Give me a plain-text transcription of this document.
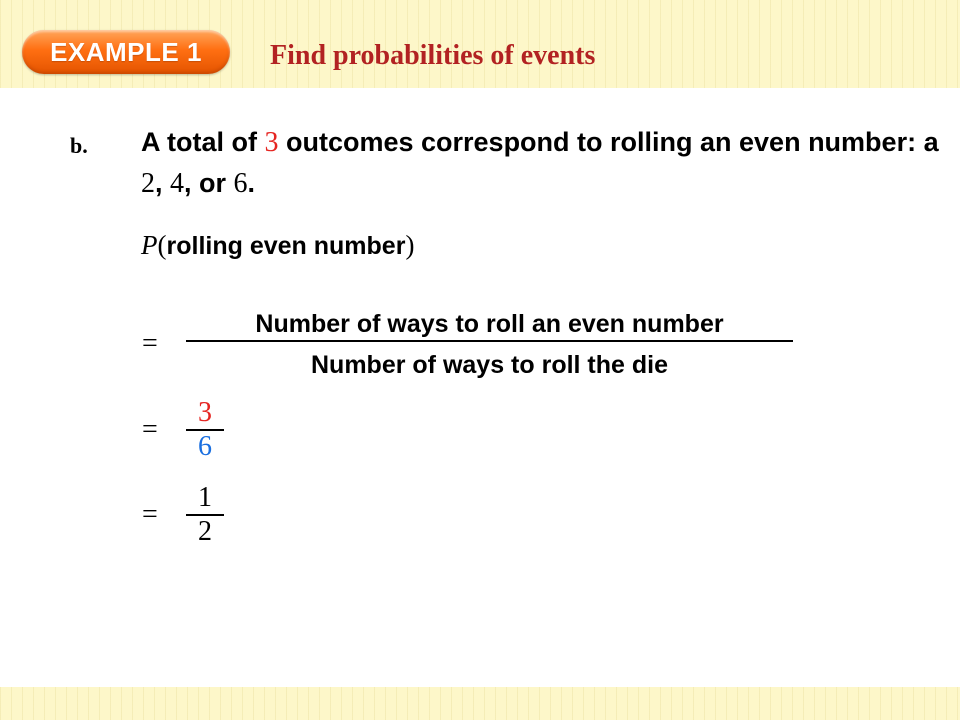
EXAMPLE 1	Find probabilities of events
b. A total of 3 outcomes correspond to rolling an even number: a 2, 4, or 6.
P(rolling even number)
=
Number of ways to roll an even number
Number of ways to roll the die
=
3
6
=
1
2
